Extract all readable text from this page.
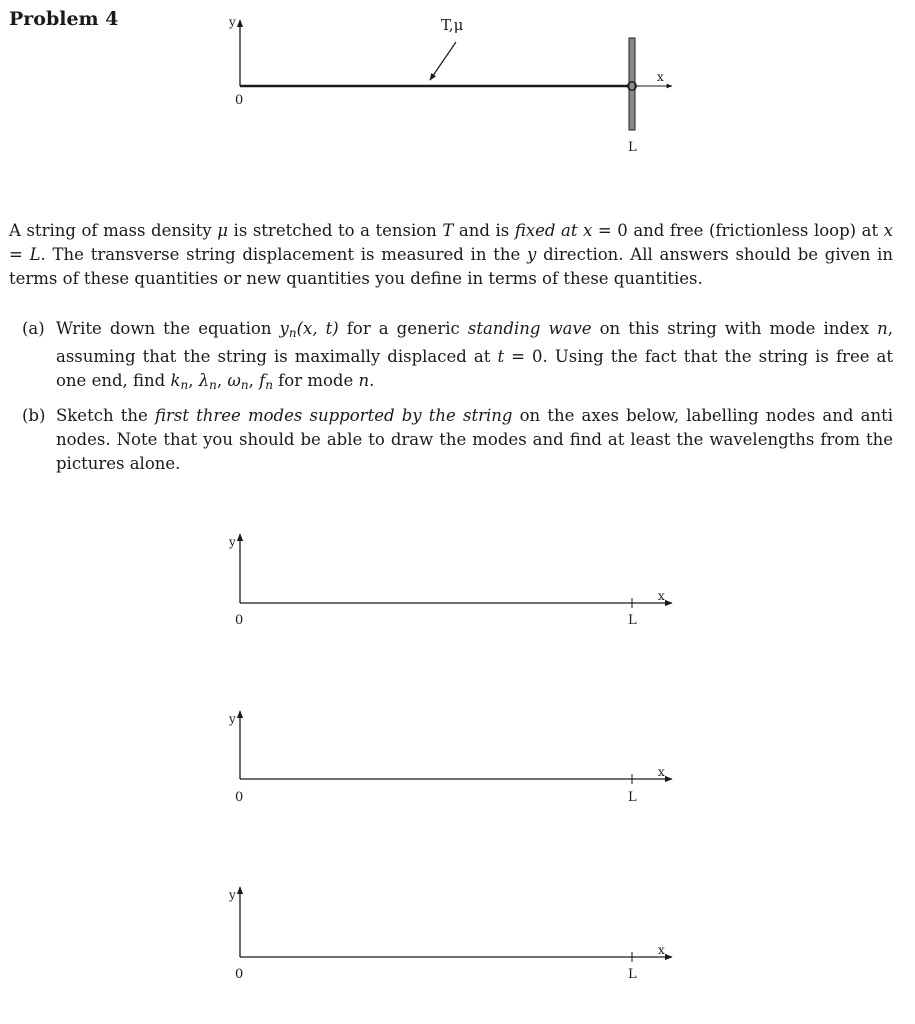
Problem 4	y
x
0
L
T,μ
y
x
0	L
y
x
0	L
y
x
0	L
A string of mass density μ is stretched to a tension T and is fixed at x = 0 and free (frictionless loop) at x = L. The transverse string displacement is measured in the y direction. All answers should be given in terms of these quantities or new quantities you define in terms of these quantities.
(a) Write down the equation $y_n(x$, t) for a generic standing wave on this string with mode index n, assuming that the string is maximally displaced at t = 0. Using the fact that the string is free at one end, find $k_n$, $\lambda_n$, $\omega_n$, $f_n$ for mode n.
(b) Sketch the first three modes supported by the string on the axes below, labelling nodes and anti nodes. Note that you should be able to draw the modes and find at least the wavelengths from the pictures alone.
